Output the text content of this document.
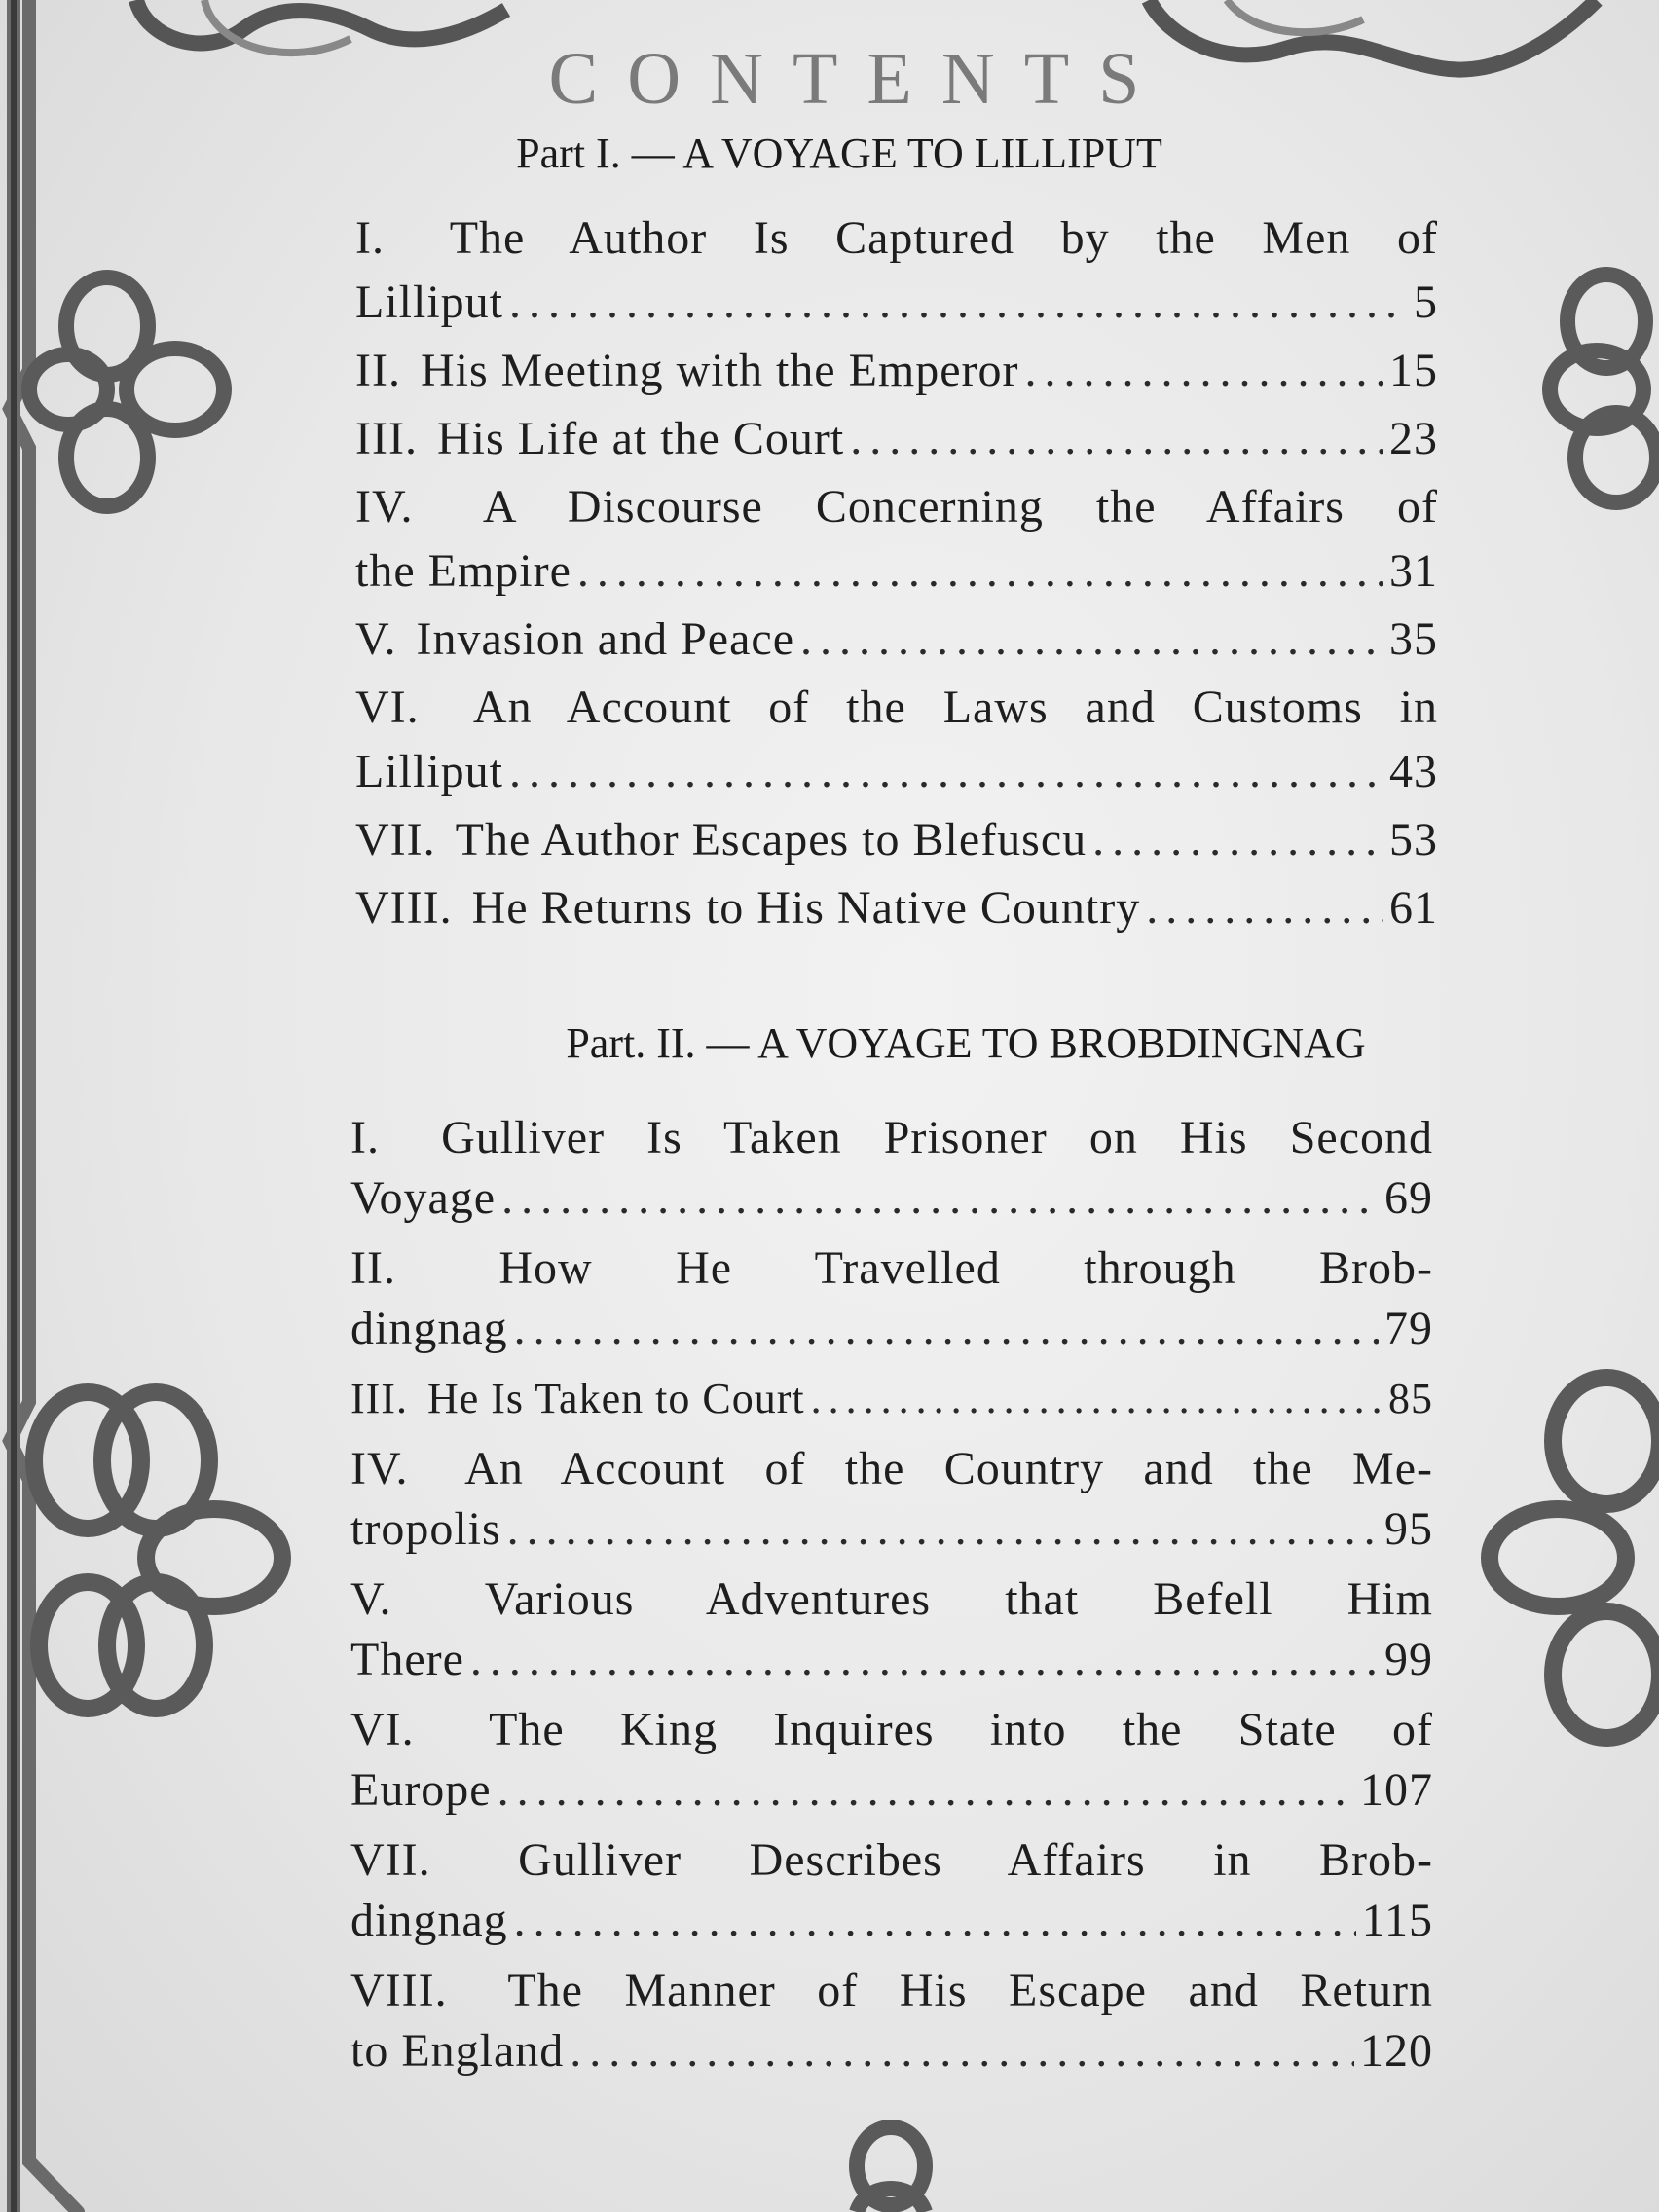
CONTENTS
Part I. — A VOYAGE TO LILLIPUT
I. The Author Is Captured by the Men of
Lilliput . . .	5
II. His Meeting with the Emperor . . .	15
III. His Life at the Court . . .	23
IV. A Discourse Concerning the Affairs of
the Empire . . .	31
V. Invasion and Peace . . .	35
VI. An Account of the Laws and Customs in
Lilliput . . .	43
VII. The Author Escapes to Blefuscu . . .	53
VIII. He Returns to His Native Country . . .	61
Part. II. — A VOYAGE TO BROBDINGNAG
I. Gulliver Is Taken Prisoner on His Second
Voyage . . .	69
II. How He Travelled through Brob-
dingnag . . .	79
III. He Is Taken to Court . . .	85
IV. An Account of the Country and the Me-
tropolis . . .	95
V. Various Adventures that Befell Him
There . . .	99
VI. The King Inquires into the State of
Europe . . .	107
VII. Gulliver Describes Affairs in Brob-
dingnag . . .	115
VIII. The Manner of His Escape and Return
to England . . .	120
